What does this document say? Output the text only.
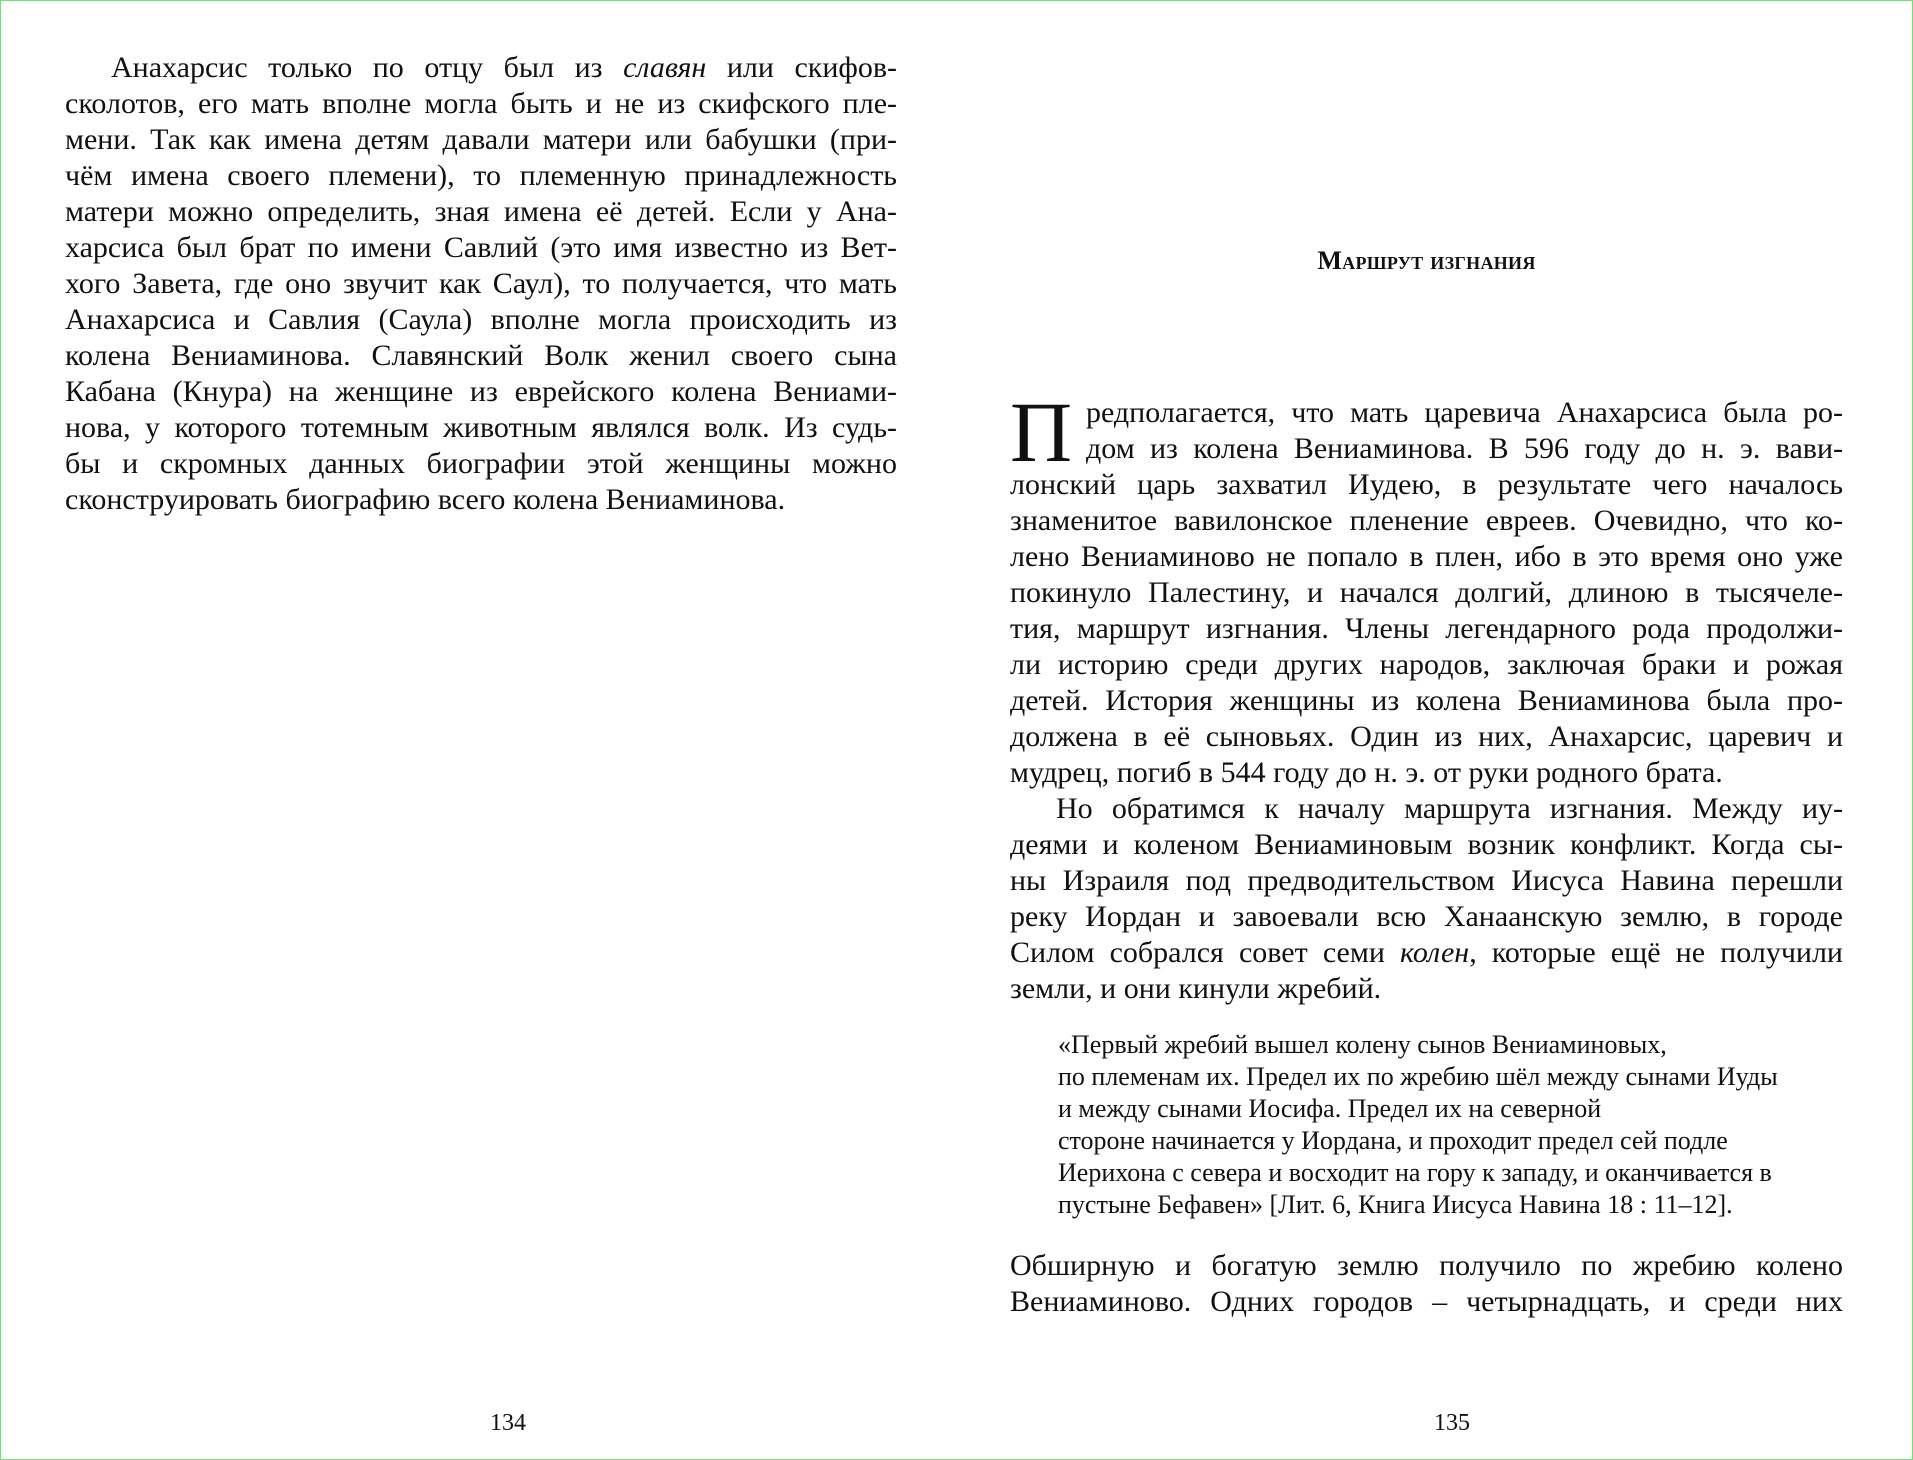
Анахарсис только по отцу был из славян или скифов-
сколотов, его мать вполне могла быть и не из скифского пле-
мени. Так как имена детям давали матери или бабушки (при-
чём имена своего племени), то племенную принадлежность
матери можно определить, зная имена её детей. Если у Ана-
харсиса был брат по имени Савлий (это имя известно из Вет-
хого Завета, где оно звучит как Саул), то получается, что мать
Анахарсиса и Савлия (Саула) вполне могла происходить из
колена Вениаминова. Славянский Волк женил своего сына
Кабана (Кнура) на женщине из еврейского колена Вениами-
нова, у которого тотемным животным являлся волк. Из судь-
бы и скромных данных биографии этой женщины можно
сконструировать биографию всего колена Вениаминова.
134
Маршрут изгнания
П редполагается, что мать царевича Анахарсиса была ро-
дом из колена Вениаминова. В 596 году до н. э. вави-
лонский царь захватил Иудею, в результате чего началось
знаменитое вавилонское пленение евреев. Очевидно, что ко-
лено Вениаминово не попало в плен, ибо в это время оно уже
покинуло Палестину, и начался долгий, длиною в тысячеле-
тия, маршрут изгнания. Члены легендарного рода продолжи-
ли историю среди других народов, заключая браки и рожая
детей. История женщины из колена Вениаминова была про-
должена в её сыновьях. Один из них, Анахарсис, царевич и
мудрец, погиб в 544 году до н. э. от руки родного брата.
Но обратимся к началу маршрута изгнания. Между иу-
деями и коленом Вениаминовым возник конфликт. Когда сы-
ны Израиля под предводительством Иисуса Навина перешли
реку Иордан и завоевали всю Ханаанскую землю, в городе
Силом собрался совет семи колен, которые ещё не получили
земли, и они кинули жребий.
«Первый жребий вышел колену сынов Вениаминовых,
по племенам их. Предел их по жребию шёл между сынами Иуды
и между сынами Иосифа. Предел их на северной
стороне начинается у Иордана, и проходит предел сей подле
Иерихона с севера и восходит на гору к западу, и оканчивается в
пустыне Бефавен» [Лит. 6, Книга Иисуса Навина 18 : 11–12].
Обширную и богатую землю получило по жребию колено
Вениаминово. Одних городов – четырнадцать, и среди них
135
